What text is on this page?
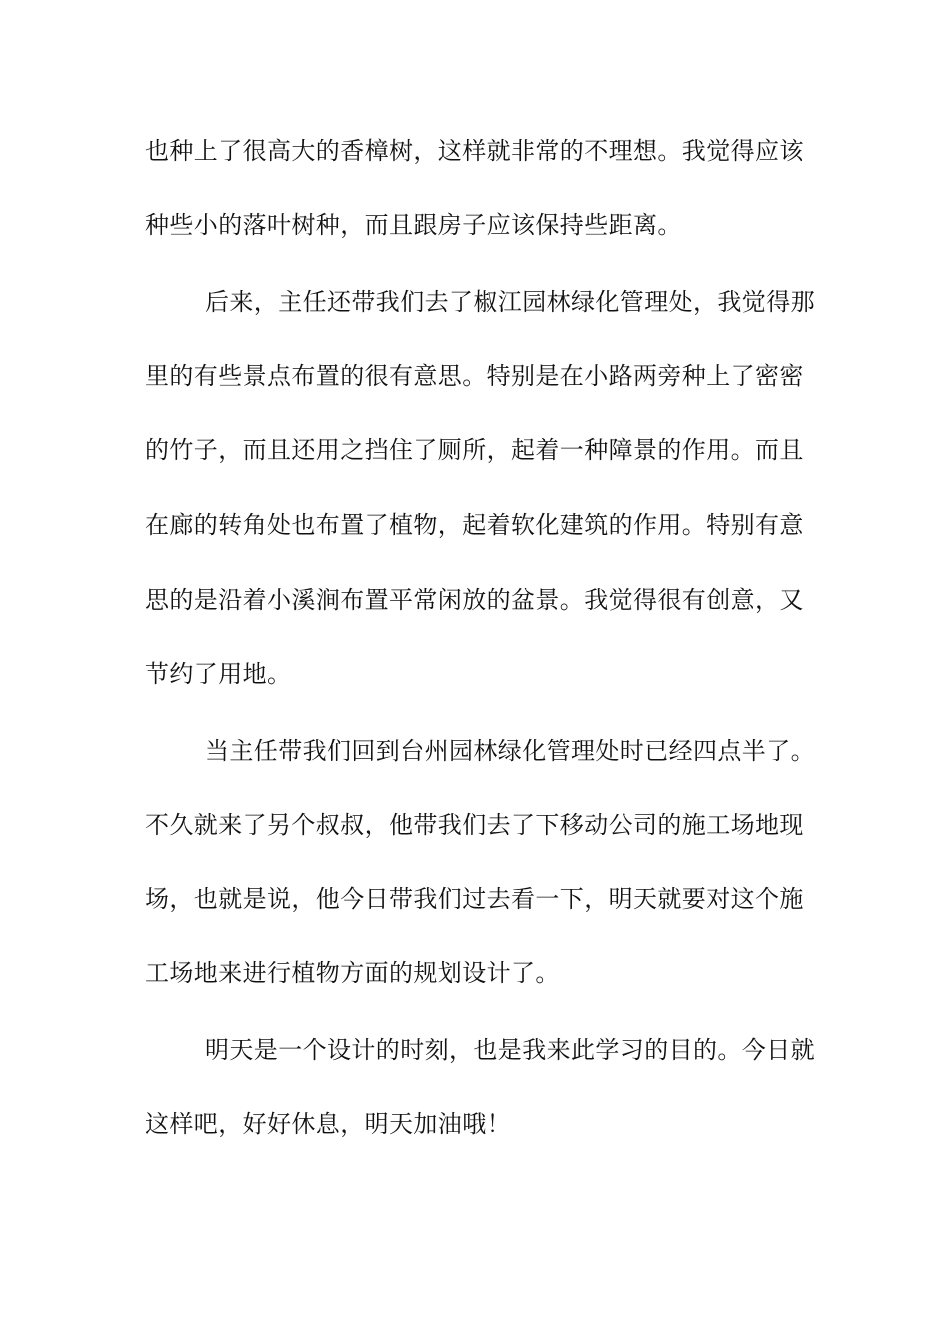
也种上了很高大的香樟树，这样就非常的不理想。我觉得应该
种些小的落叶树种，而且跟房子应该保持些距离。
后来，主任还带我们去了椒江园林绿化管理处，我觉得那
里的有些景点布置的很有意思。特别是在小路两旁种上了密密
的竹子，而且还用之挡住了厕所，起着一种障景的作用。而且
在廊的转角处也布置了植物，起着软化建筑的作用。特别有意
思的是沿着小溪涧布置平常闲放的盆景。我觉得很有创意，又
节约了用地。
当主任带我们回到台州园林绿化管理处时已经四点半了。
不久就来了另个叔叔，他带我们去了下移动公司的施工场地现
场，也就是说，他今日带我们过去看一下，明天就要对这个施
工场地来进行植物方面的规划设计了。
明天是一个设计的时刻，也是我来此学习的目的。今日就
这样吧，好好休息，明天加油哦！
